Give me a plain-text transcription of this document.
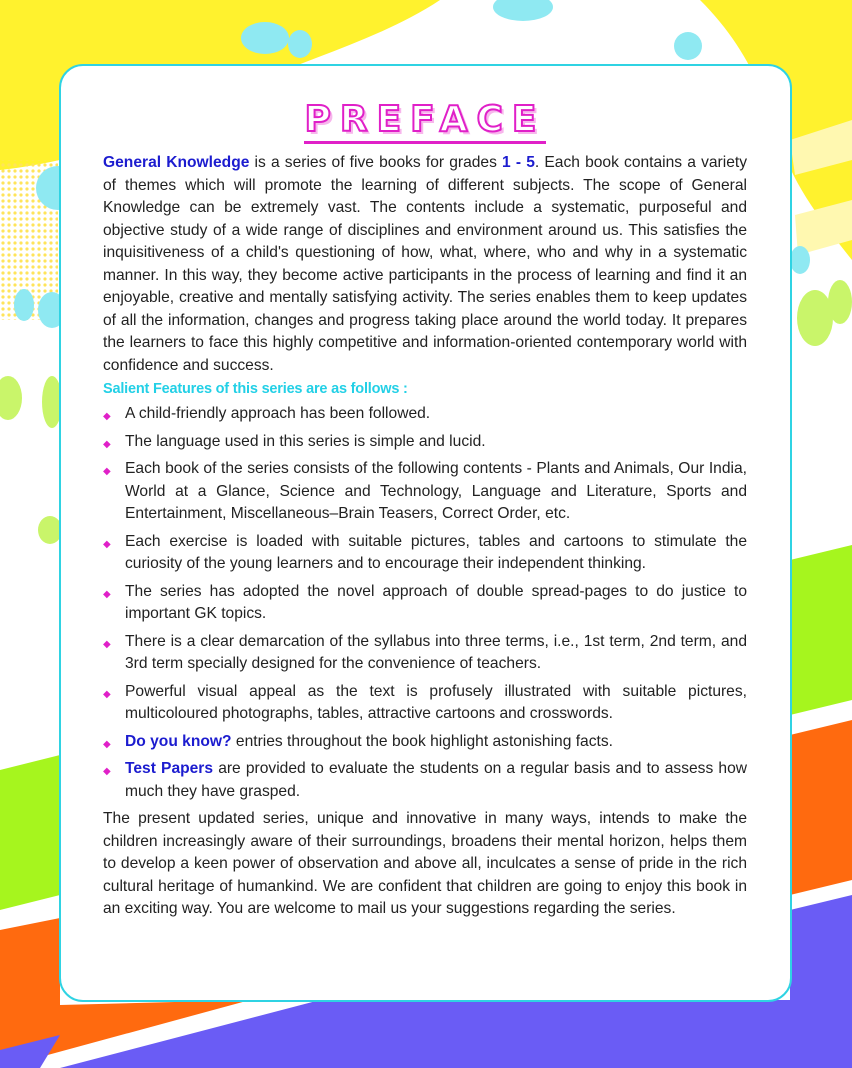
PREFACE

General Knowledge is a series of five books for grades 1 - 5. Each book contains a variety of themes which will promote the learning of different subjects. The scope of General Knowledge can be extremely vast. The contents include a systematic, purposeful and objective study of a wide range of disciplines and environment around us. This satisfies the inquisitiveness of a child's questioning of how, what, where, who and why in a systematic manner. In this way, they become active participants in the process of learning and find it an enjoyable, creative and mentally satisfying activity. The series enables them to keep updates of all the information, changes and progress taking place around the world today. It prepares the learners to face this highly competitive and information-oriented contemporary world with confidence and success.

Salient Features of this series are as follows :
◆ A child-friendly approach has been followed.
◆ The language used in this series is simple and lucid.
◆ Each book of the series consists of the following contents - Plants and Animals, Our India, World at a Glance, Science and Technology, Language and Literature, Sports and Entertainment, Miscellaneous–Brain Teasers, Correct Order, etc.
◆ Each exercise is loaded with suitable pictures, tables and cartoons to stimulate the curiosity of the young learners and to encourage their independent thinking.
◆ The series has adopted the novel approach of double spread-pages to do justice to important GK topics.
◆ There is a clear demarcation of the syllabus into three terms, i.e., 1st term, 2nd term, and 3rd term specially designed for the convenience of teachers.
◆ Powerful visual appeal as the text is profusely illustrated with suitable pictures, multicoloured photographs, tables, attractive cartoons and crosswords.
◆ Do you know? entries throughout the book highlight astonishing facts.
◆ Test Papers are provided to evaluate the students on a regular basis and to assess how much they have grasped.

The present updated series, unique and innovative in many ways, intends to make the children increasingly aware of their surroundings, broadens their mental horizon, helps them to develop a keen power of observation and above all, inculcates a sense of pride in the rich cultural heritage of humankind. We are confident that children are going to enjoy this book in an exciting way. You are welcome to mail us your suggestions regarding the series.
